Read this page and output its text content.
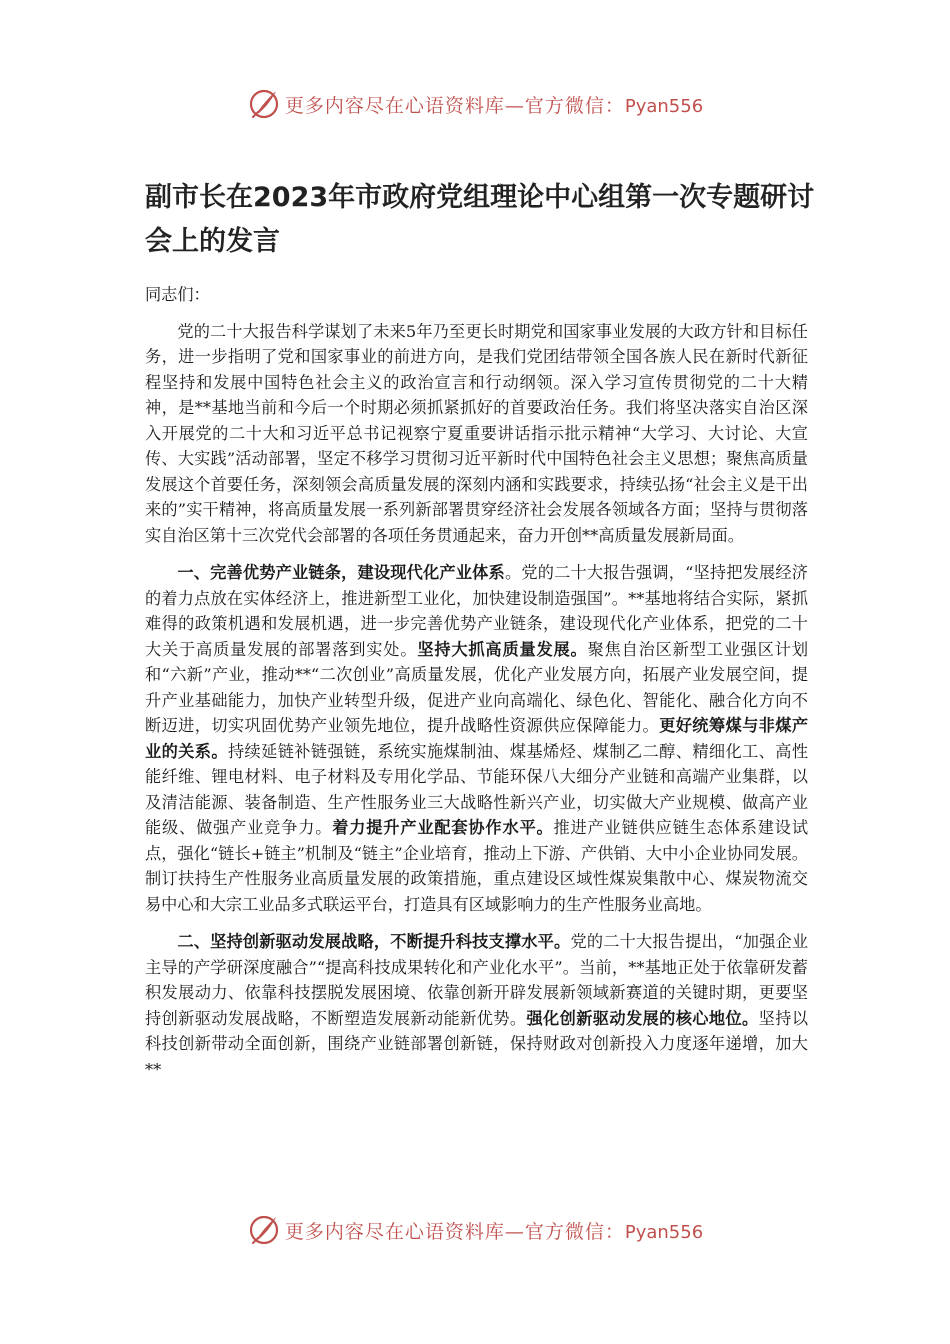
更多内容尽在心语资料库—官方微信：Pyan556
副市长在2023年市政府党组理论中心组第一次专题研讨会上的发言

同志们：

党的二十大报告科学谋划了未来5年乃至更长时期党和国家事业发展的大政方针和目标任务，进一步指明了党和国家事业的前进方向，是我们党团结带领全国各族人民在新时代新征程坚持和发展中国特色社会主义的政治宣言和行动纲领。深入学习宣传贯彻党的二十大精神，是**基地当前和今后一个时期必须抓紧抓好的首要政治任务。我们将坚决落实自治区深入开展党的二十大和习近平总书记视察宁夏重要讲话指示批示精神“大学习、大讨论、大宣传、大实践”活动部署，坚定不移学习贯彻习近平新时代中国特色社会主义思想；聚焦高质量发展这个首要任务，深刻领会高质量发展的深刻内涵和实践要求，持续弘扬“社会主义是干出来的”实干精神，将高质量发展一系列新部署贯穿经济社会发展各领域各方面；坚持与贯彻落实自治区第十三次党代会部署的各项任务贯通起来，奋力开创**高质量发展新局面。

一、完善优势产业链条，建设现代化产业体系。党的二十大报告强调，“坚持把发展经济的着力点放在实体经济上，推进新型工业化，加快建设制造强国”。**基地将结合实际，紧抓难得的政策机遇和发展机遇，进一步完善优势产业链条，建设现代化产业体系，把党的二十大关于高质量发展的部署落到实处。坚持大抓高质量发展。聚焦自治区新型工业强区计划和“六新”产业，推动**“二次创业”高质量发展，优化产业发展方向，拓展产业发展空间，提升产业基础能力，加快产业转型升级，促进产业向高端化、绿色化、智能化、融合化方向不断迈进，切实巩固优势产业领先地位，提升战略性资源供应保障能力。更好统筹煤与非煤产业的关系。持续延链补链强链，系统实施煤制油、煤基烯烃、煤制乙二醇、精细化工、高性能纤维、锂电材料、电子材料及专用化学品、节能环保八大细分产业链和高端产业集群，以及清洁能源、装备制造、生产性服务业三大战略性新兴产业，切实做大产业规模、做高产业能级、做强产业竞争力。着力提升产业配套协作水平。推进产业链供应链生态体系建设试点，强化“链长+链主”机制及“链主”企业培育，推动上下游、产供销、大中小企业协同发展。制订扶持生产性服务业高质量发展的政策措施，重点建设区域性煤炭集散中心、煤炭物流交易中心和大宗工业品多式联运平台，打造具有区域影响力的生产性服务业高地。

二、坚持创新驱动发展战略，不断提升科技支撑水平。党的二十大报告提出，“加强企业主导的产学研深度融合”“提高科技成果转化和产业化水平”。当前，**基地正处于依靠研发蓄积发展动力、依靠科技摆脱发展困境、依靠创新开辟发展新领域新赛道的关键时期，更要坚持创新驱动发展战略，不断塑造发展新动能新优势。强化创新驱动发展的核心地位。坚持以科技创新带动全面创新，围绕产业链部署创新链，保持财政对创新投入力度逐年递增，加大**

更多内容尽在心语资料库—官方微信：Pyan556
